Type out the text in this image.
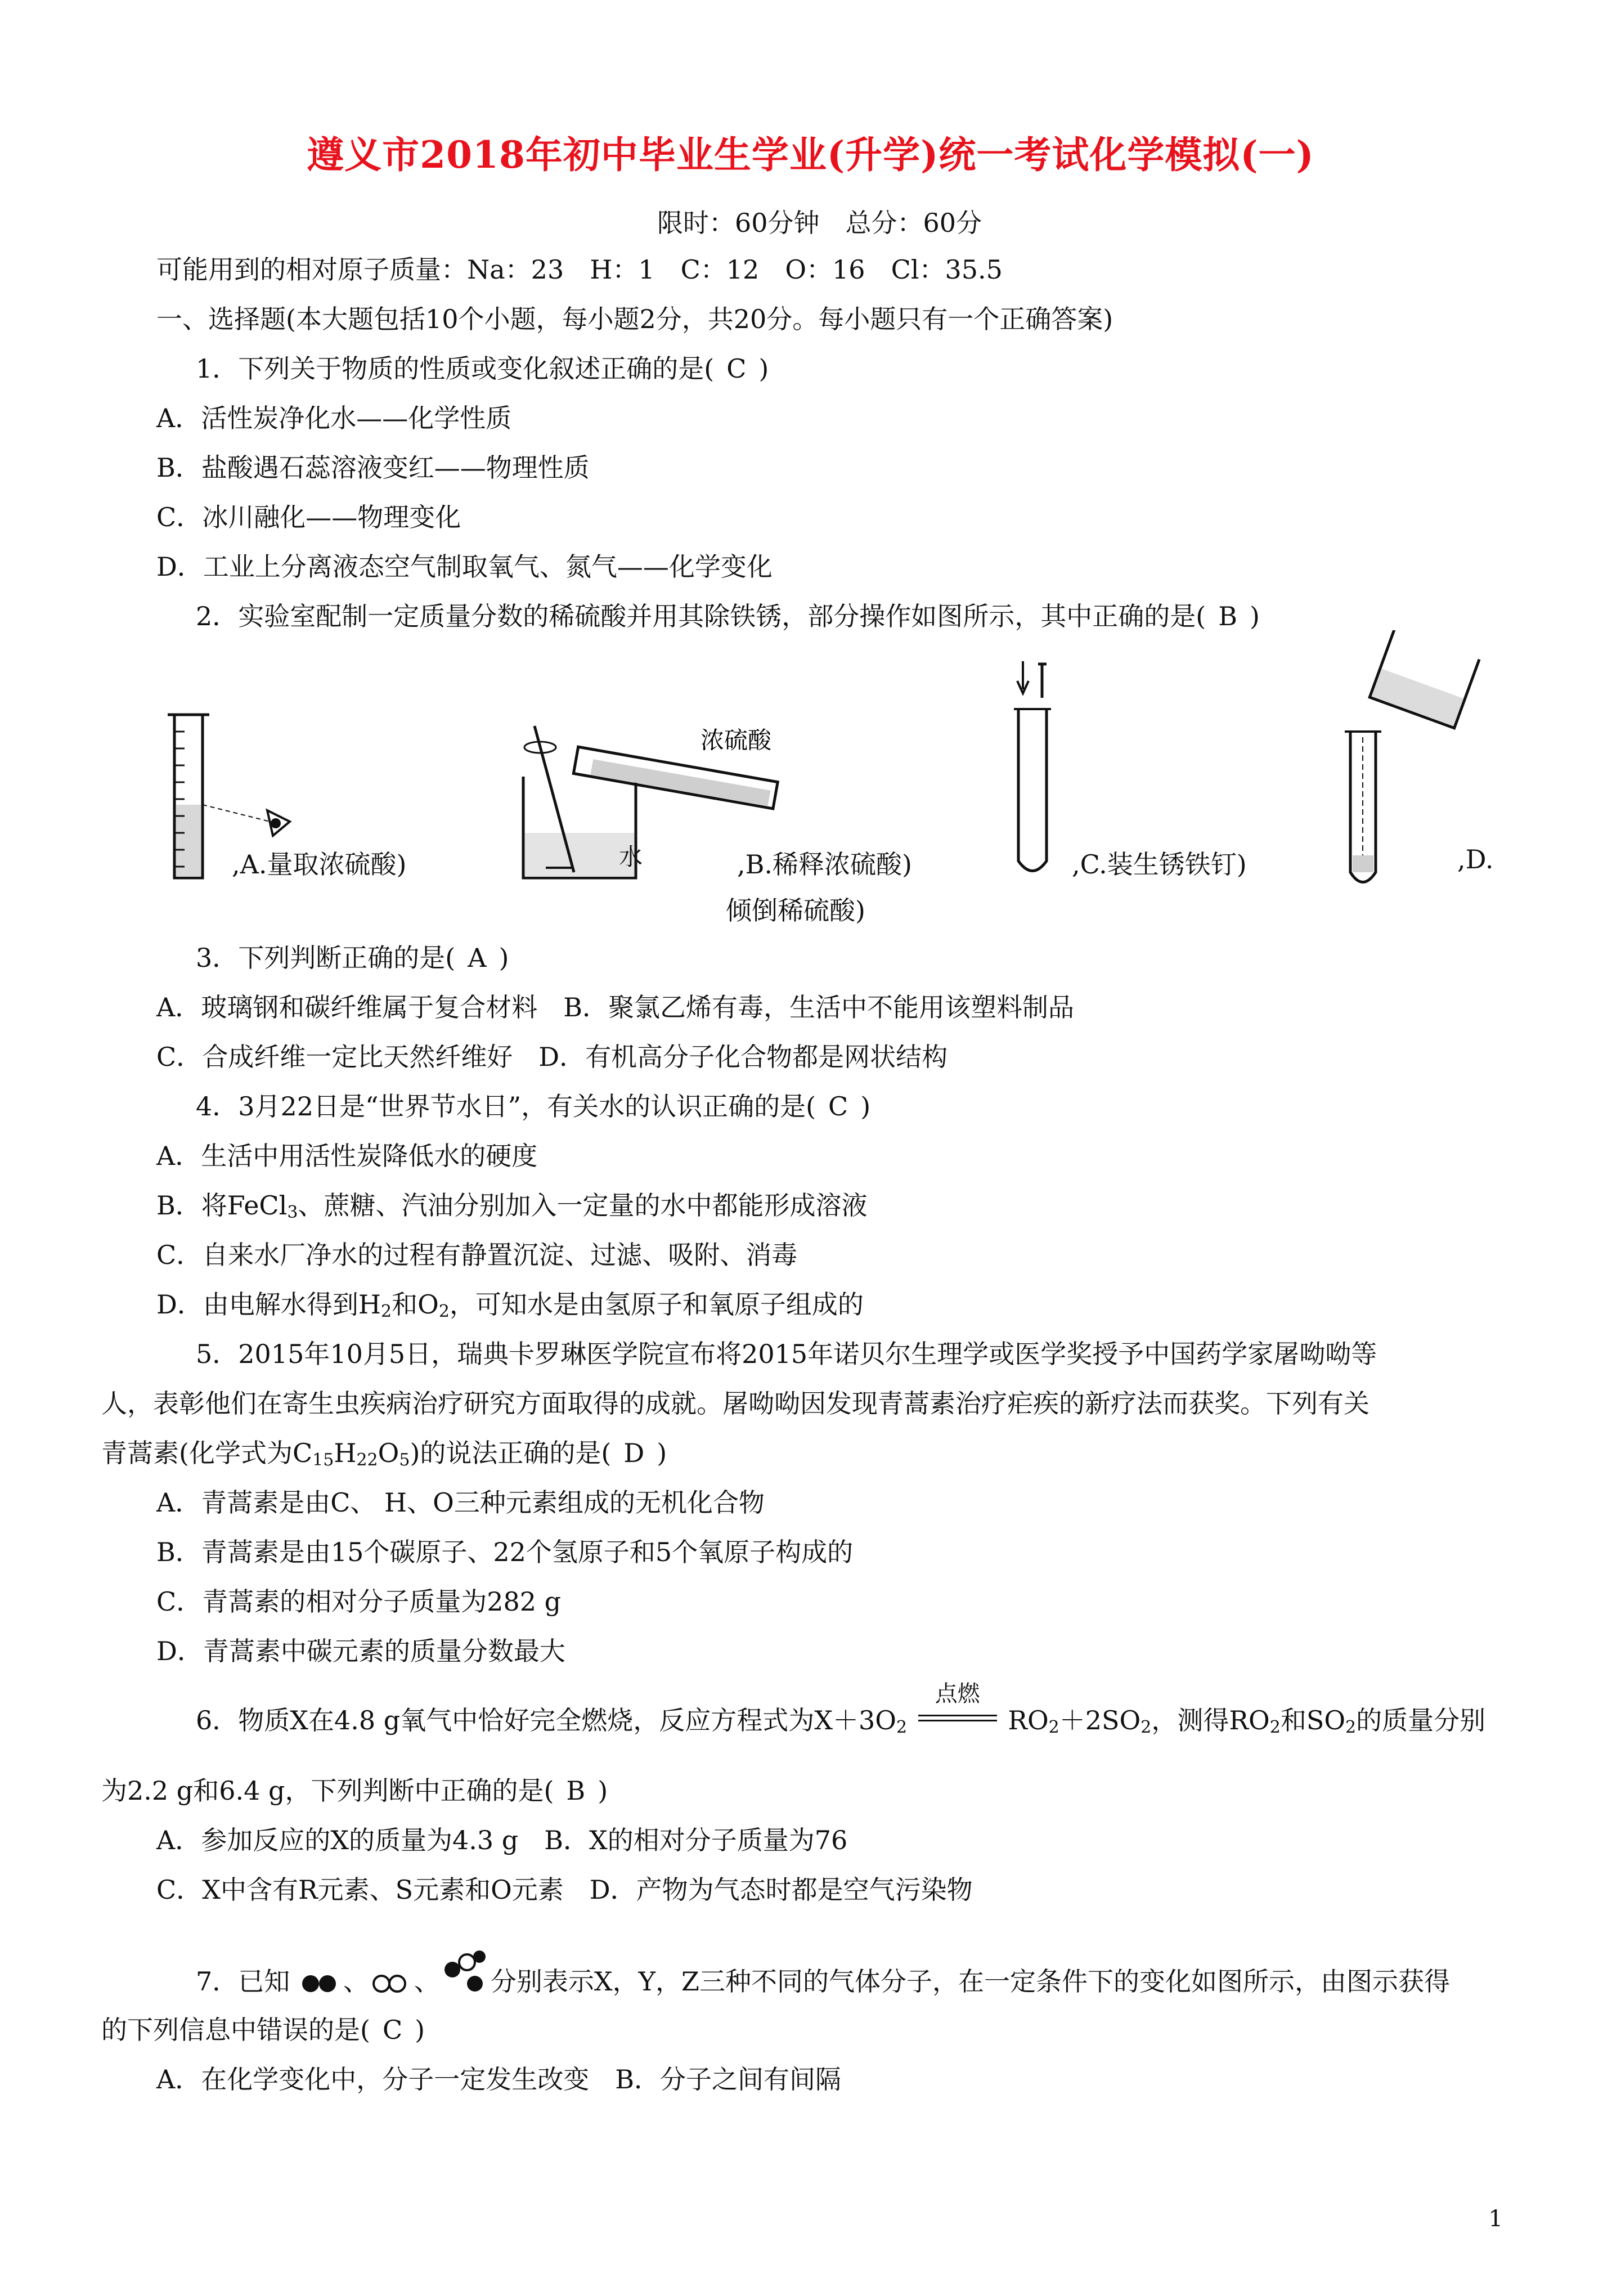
遵义市2018年初中毕业生学业(升学)统一考试化学模拟(一)
限时：60分钟　总分：60分
可能用到的相对原子质量：Na：23　H：1　C：12　O：16　Cl：35.5
一、选择题(本大题包括10个小题，每小题2分，共20分。每小题只有一个正确答案)
1．下列关于物质的性质或变化叙述正确的是( C )
A．活性炭净化水——化学性质
B．盐酸遇石蕊溶液变红——物理性质
C．冰川融化——物理变化
D．工业上分离液态空气制取氧气、氮气——化学变化
2．实验室配制一定质量分数的稀硫酸并用其除铁锈，部分操作如图所示，其中正确的是( B )
,A.量取浓硫酸)
浓硫酸
水	,B.稀释浓硫酸)
倾倒稀硫酸)
,C.装生锈铁钉)	,D.
3．下列判断正确的是( A )
A．玻璃钢和碳纤维属于复合材料　B．聚氯乙烯有毒，生活中不能用该塑料制品
C．合成纤维一定比天然纤维好　D．有机高分子化合物都是网状结构
4．3月22日是“世界节水日”，有关水的认识正确的是( C )
A．生活中用活性炭降低水的硬度
B．将FeCl$_3$、蔗糖、汽油分别加入一定量的水中都能形成溶液
C．自来水厂净水的过程有静置沉淀、过滤、吸附、消毒
D．由电解水得到$H_2$和$O_2$，可知水是由氢原子和氧原子组成的
5．2015年10月5日，瑞典卡罗琳医学院宣布将2015年诺贝尔生理学或医学奖授予中国药学家屠呦呦等
人，表彰他们在寄生虫疾病治疗研究方面取得的成就。屠呦呦因发现青蒿素治疗疟疾的新疗法而获奖。下列有关
青蒿素(化学式为$C_{15}H_{22}O_5$)的说法正确的是( D )
A．青蒿素是由C、 H、O三种元素组成的无机化合物
B．青蒿素是由15个碳原子、22个氢原子和5个氧原子构成的
C．青蒿素的相对分子质量为282 g
D．青蒿素中碳元素的质量分数最大
6．物质X在4.8 g氧气中恰好完全燃烧，反应方程式为$X+3O_2$
点燃
$RO_2+2SO_2$，测得$RO_2$和$SO_2$的质量分别
为2.2 g和6.4 g，下列判断中正确的是( B )
A．参加反应的X的质量为4.3 g　B．X的相对分子质量为76
C．X中含有R元素、S元素和O元素　D．产物为气态时都是空气污染物
7．已知 、 、 分别表示X，Y，Z三种不同的气体分子，在一定条件下的变化如图所示，由图示获得
的下列信息中错误的是( C )
A．在化学变化中，分子一定发生改变　B．分子之间有间隔
1
